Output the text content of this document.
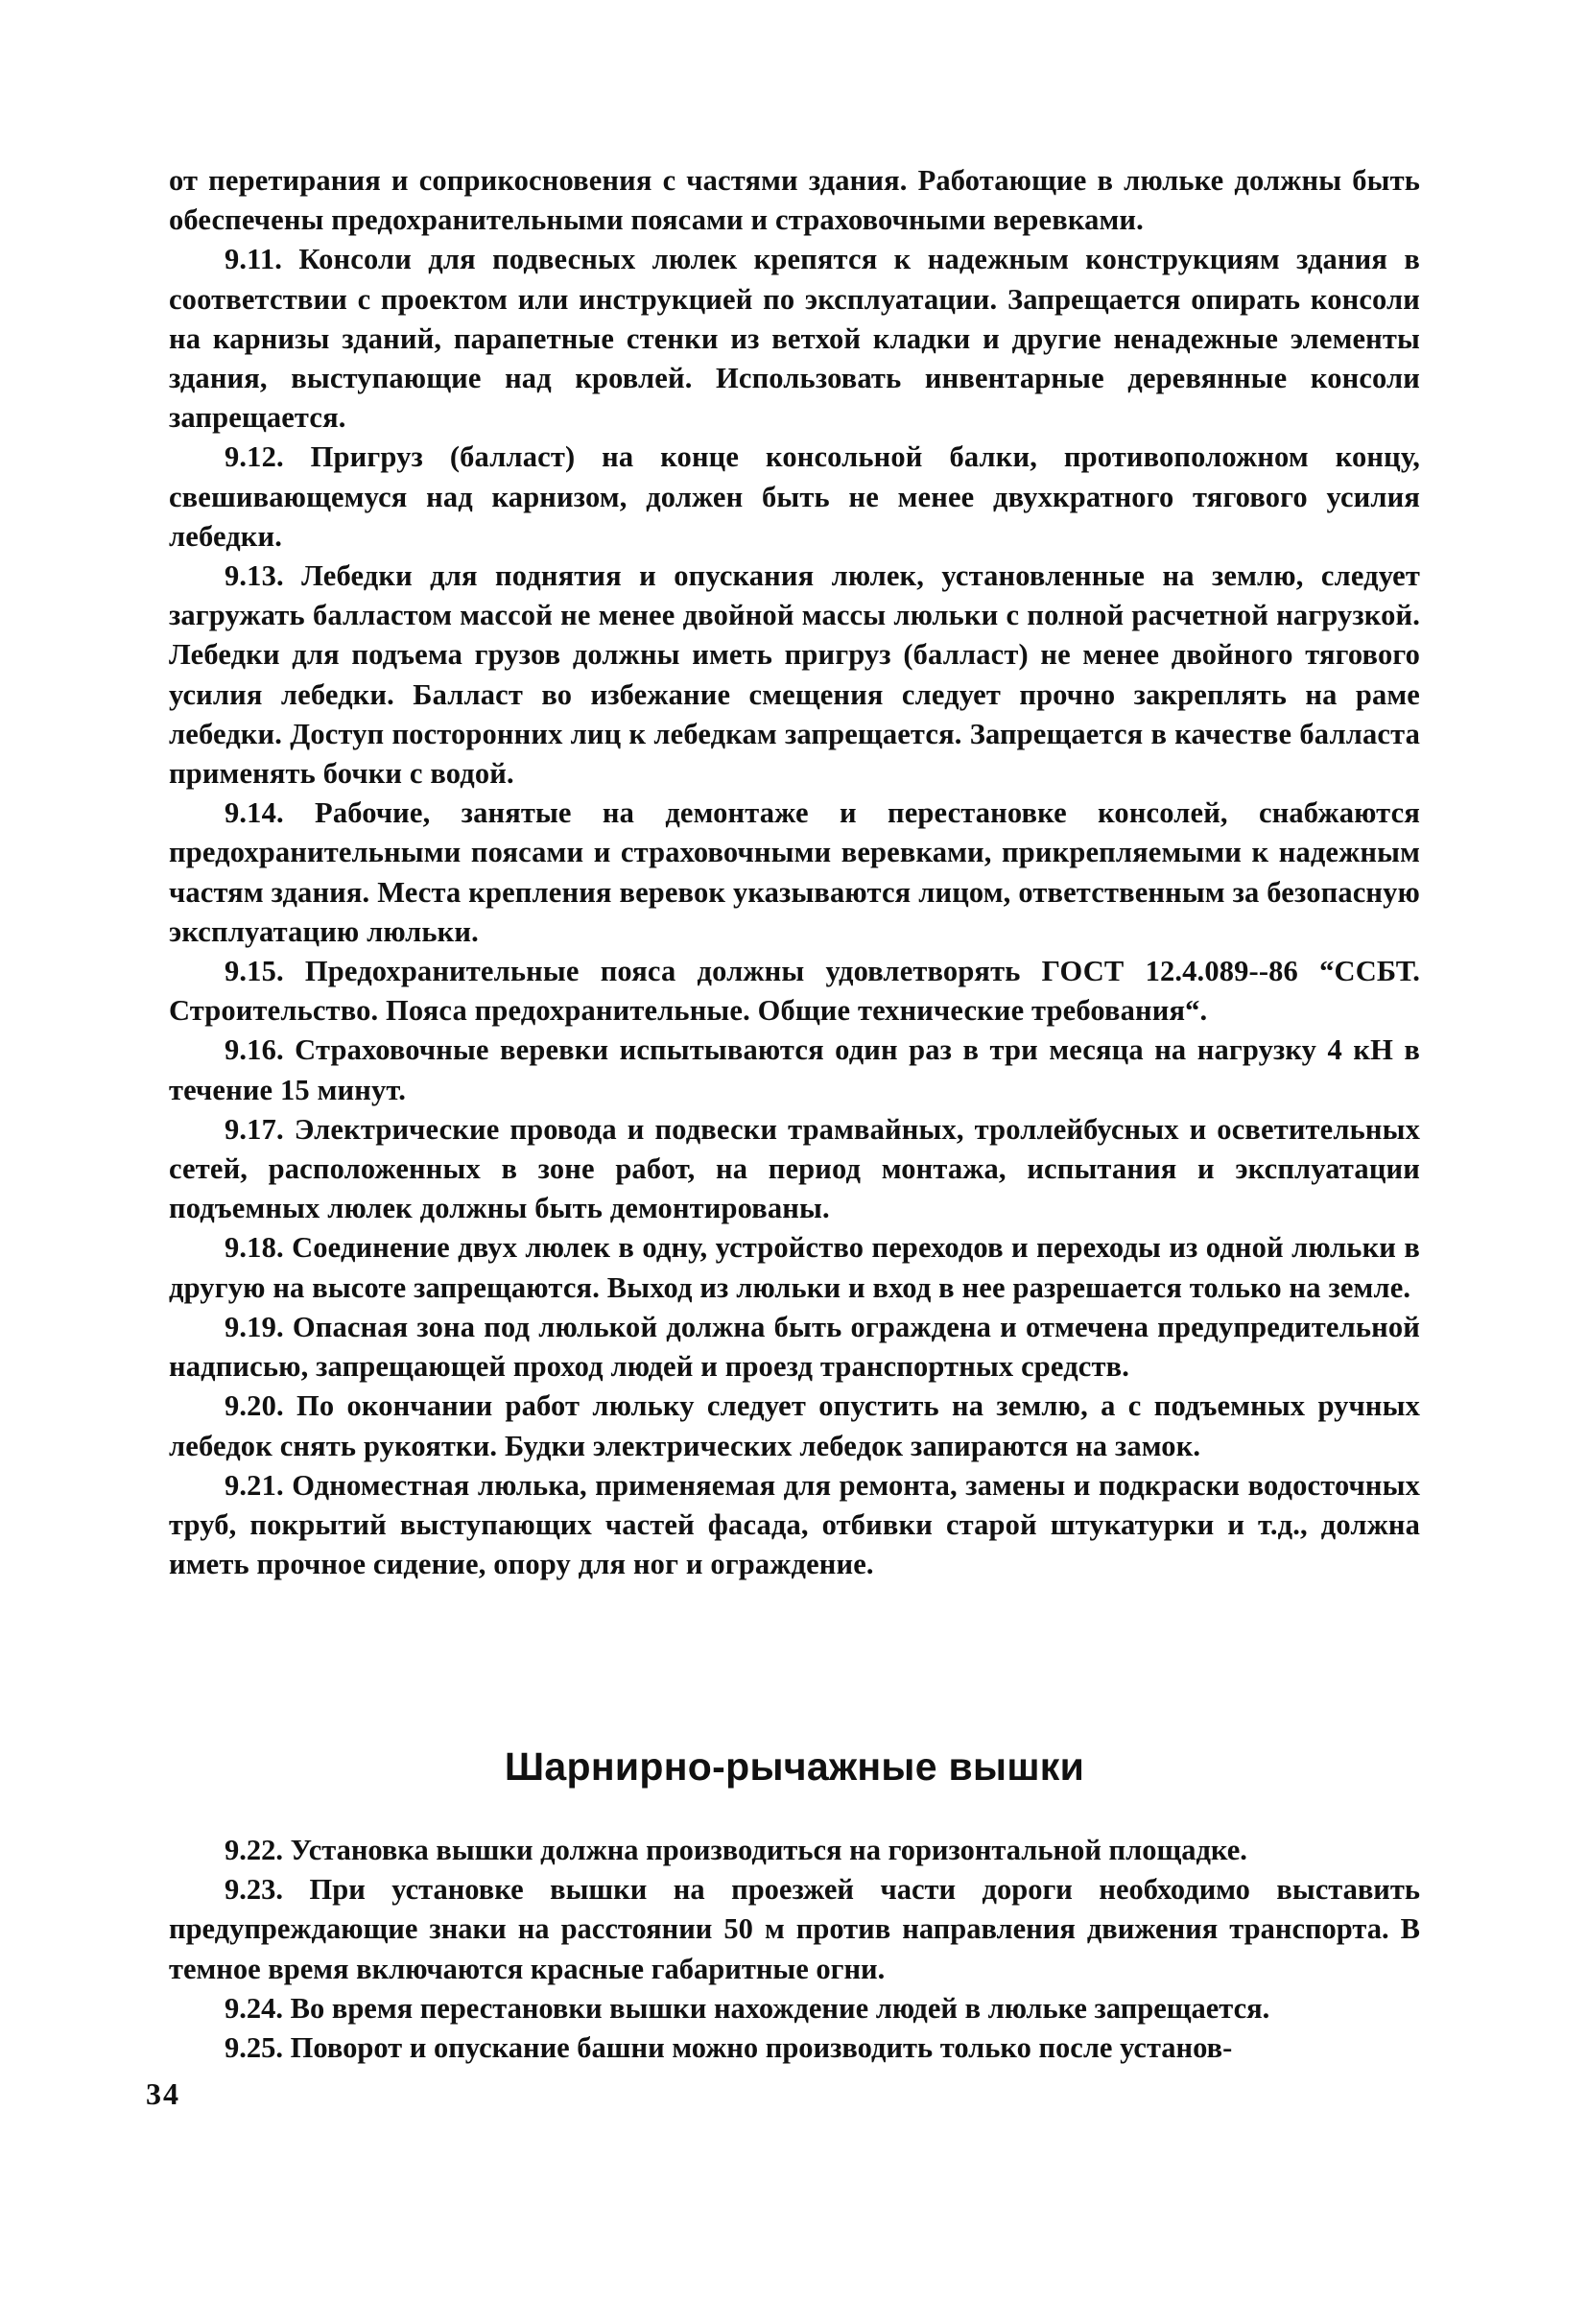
от перетирания и соприкосновения с частями здания. Работающие в люльке должны быть обеспечены предохранительными поясами и страховочными веревками.

9.11. Консоли для подвесных люлек крепятся к надежным конструкциям здания в соответствии с проектом или инструкцией по эксплуатации. Запрещается опирать консоли на карнизы зданий, парапетные стенки из ветхой кладки и другие ненадежные элементы здания, выступающие над кровлей. Использовать инвентарные деревянные консоли запрещается.

9.12. Пригруз (балласт) на конце консольной балки, противоположном концу, свешивающемуся над карнизом, должен быть не менее двухкратного тягового усилия лебедки.

9.13. Лебедки для поднятия и опускания люлек, установленные на землю, следует загружать балластом массой не менее двойной массы люльки с полной расчетной нагрузкой. Лебедки для подъема грузов должны иметь пригруз (балласт) не менее двойного тягового усилия лебедки. Балласт во избежание смещения следует прочно закреплять на раме лебедки. Доступ посторонних лиц к лебедкам запрещается. Запрещается в качестве балласта применять бочки с водой.

9.14. Рабочие, занятые на демонтаже и перестановке консолей, снабжаются предохранительными поясами и страховочными веревками, прикрепляемыми к надежным частям здания. Места крепления веревок указываются лицом, ответственным за безопасную эксплуатацию люльки.

9.15. Предохранительные пояса должны удовлетворять ГОСТ 12.4.089--86 “ССБТ. Строительство. Пояса предохранительные. Общие технические требования“.

9.16. Страховочные веревки испытываются один раз в три месяца на нагрузку 4 кН в течение 15 минут.

9.17. Электрические провода и подвески трамвайных, троллейбусных и осветительных сетей, расположенных в зоне работ, на период монтажа, испытания и эксплуатации подъемных люлек должны быть демонтированы.

9.18. Соединение двух люлек в одну, устройство переходов и переходы из одной люльки в другую на высоте запрещаются. Выход из люльки и вход в нее разрешается только на земле.

9.19. Опасная зона под люлькой должна быть ограждена и отмечена предупредительной надписью, запрещающей проход людей и проезд транспортных средств.

9.20. По окончании работ люльку следует опустить на землю, а с подъемных ручных лебедок снять рукоятки. Будки электрических лебедок запираются на замок.

9.21. Одноместная люлька, применяемая для ремонта, замены и подкраски водосточных труб, покрытий выступающих частей фасада, отбивки старой штукатурки и т.д., должна иметь прочное сидение, опору для ног и ограждение.

Шарнирно-рычажные вышки

9.22. Установка вышки должна производиться на горизонтальной площадке.

9.23. При установке вышки на проезжей части дороги необходимо выставить предупреждающие знаки на расстоянии 50 м против направления движения транспорта. В темное время включаются красные габаритные огни.

9.24. Во время перестановки вышки нахождение людей в люльке запрещается.

9.25. Поворот и опускание башни можно производить только после установ-

34
